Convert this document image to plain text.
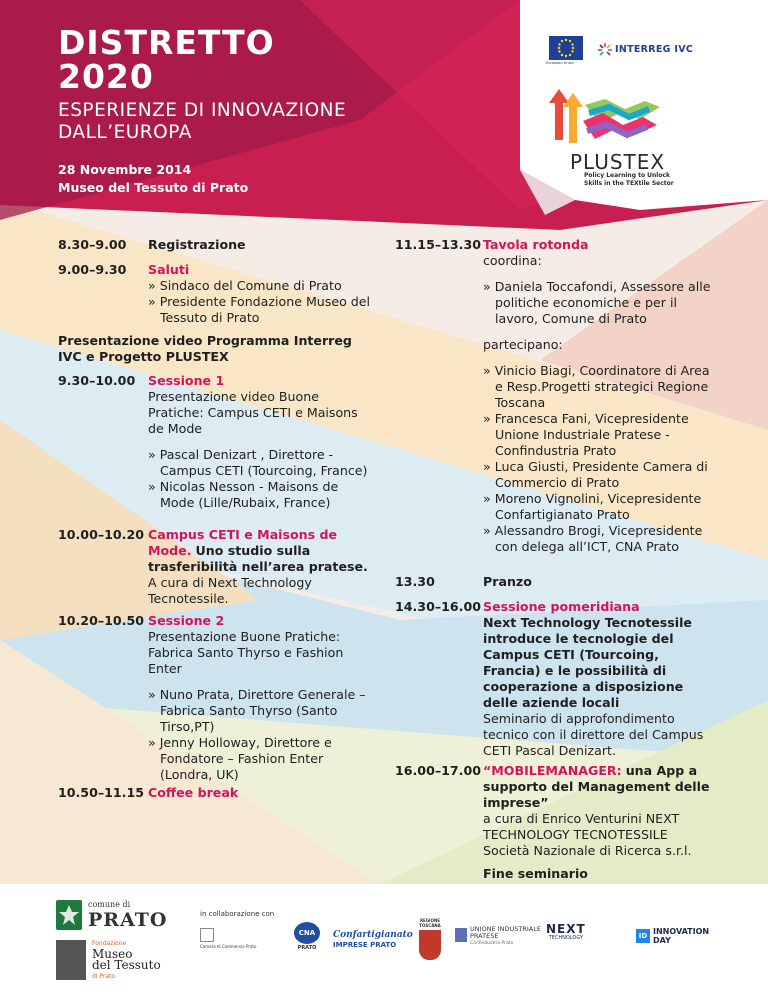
DISTRETTO
2020
ESPERIENZE DI INNOVAZIONE
DALL’EUROPA
28 Novembre 2014
Museo del Tessuto di Prato
European Union
INTERREG IVC
PLUSTEX
Policy Learning to Unlock
Skills in the TEXtile Sector
8.30–9.00 Registrazione
9.00–9.30 Saluti
» Sindaco del Comune di Prato
» Presidente Fondazione Museo del Tessuto di Prato
Presentazione video Programma Interreg IVC e Progetto PLUSTEX
9.30–10.00 Sessione 1
Presentazione video Buone Pratiche: Campus CETI e Maisons de Mode
» Pascal Denizart , Direttore - Campus CETI (Tourcoing, France)
» Nicolas Nesson - Maisons de Mode (Lille/Rubaix, France)
10.00–10.20 Campus CETI e Maisons de Mode. Uno studio sulla trasferibilità nell’area pratese.
A cura di Next Technology Tecnotessile.
10.20–10.50 Sessione 2
Presentazione Buone Pratiche: Fabrica Santo Thyrso e Fashion Enter
» Nuno Prata, Direttore Generale – Fabrica Santo Thyrso (Santo Tirso,PT)
» Jenny Holloway, Direttore e Fondatore – Fashion Enter (Londra, UK)
10.50–11.15 Coffee break
11.15–13.30 Tavola rotonda
coordina:
» Daniela Toccafondi, Assessore alle politiche economiche e per il lavoro, Comune di Prato
partecipano:
» Vinicio Biagi, Coordinatore di Area e Resp.Progetti strategici Regione Toscana
» Francesca Fani, Vicepresidente Unione Industriale Pratese - Confindustria Prato
» Luca Giusti, Presidente Camera di Commercio di Prato
» Moreno Vignolini, Vicepresidente Confartigianato Prato
» Alessandro Brogi, Vicepresidente con delega all’ICT, CNA Prato
13.30	Pranzo
14.30–16.00 Sessione pomeridiana
Next Technology Tecnotessile introduce le tecnologie del Campus CETI (Tourcoing, Francia) e le possibilità di cooperazione a disposizione delle aziende locali
Seminario di approfondimento tecnico con il direttore del Campus CETI Pascal Denizart.
16.00–17.00 “MOBILEMANAGER: una App a supporto del Management delle imprese”
a cura di Enrico Venturini NEXT TECHNOLOGY TECNOTESSILE Società Nazionale di Ricerca s.r.l.
Fine seminario
comune di
PRATO
Fondazione
Museo
del Tessuto
di Prato
in collaborazione con
Camera di Commercio Prato
CNA
PRATO
Confartigianato
IMPRESE PRATO
REGIONE TOSCANA	UNIONE INDUSTRIALE
PRATESE
Confindustria Prato
NEXT
TECHNOLOGY	ID INNOVATION
DAY
